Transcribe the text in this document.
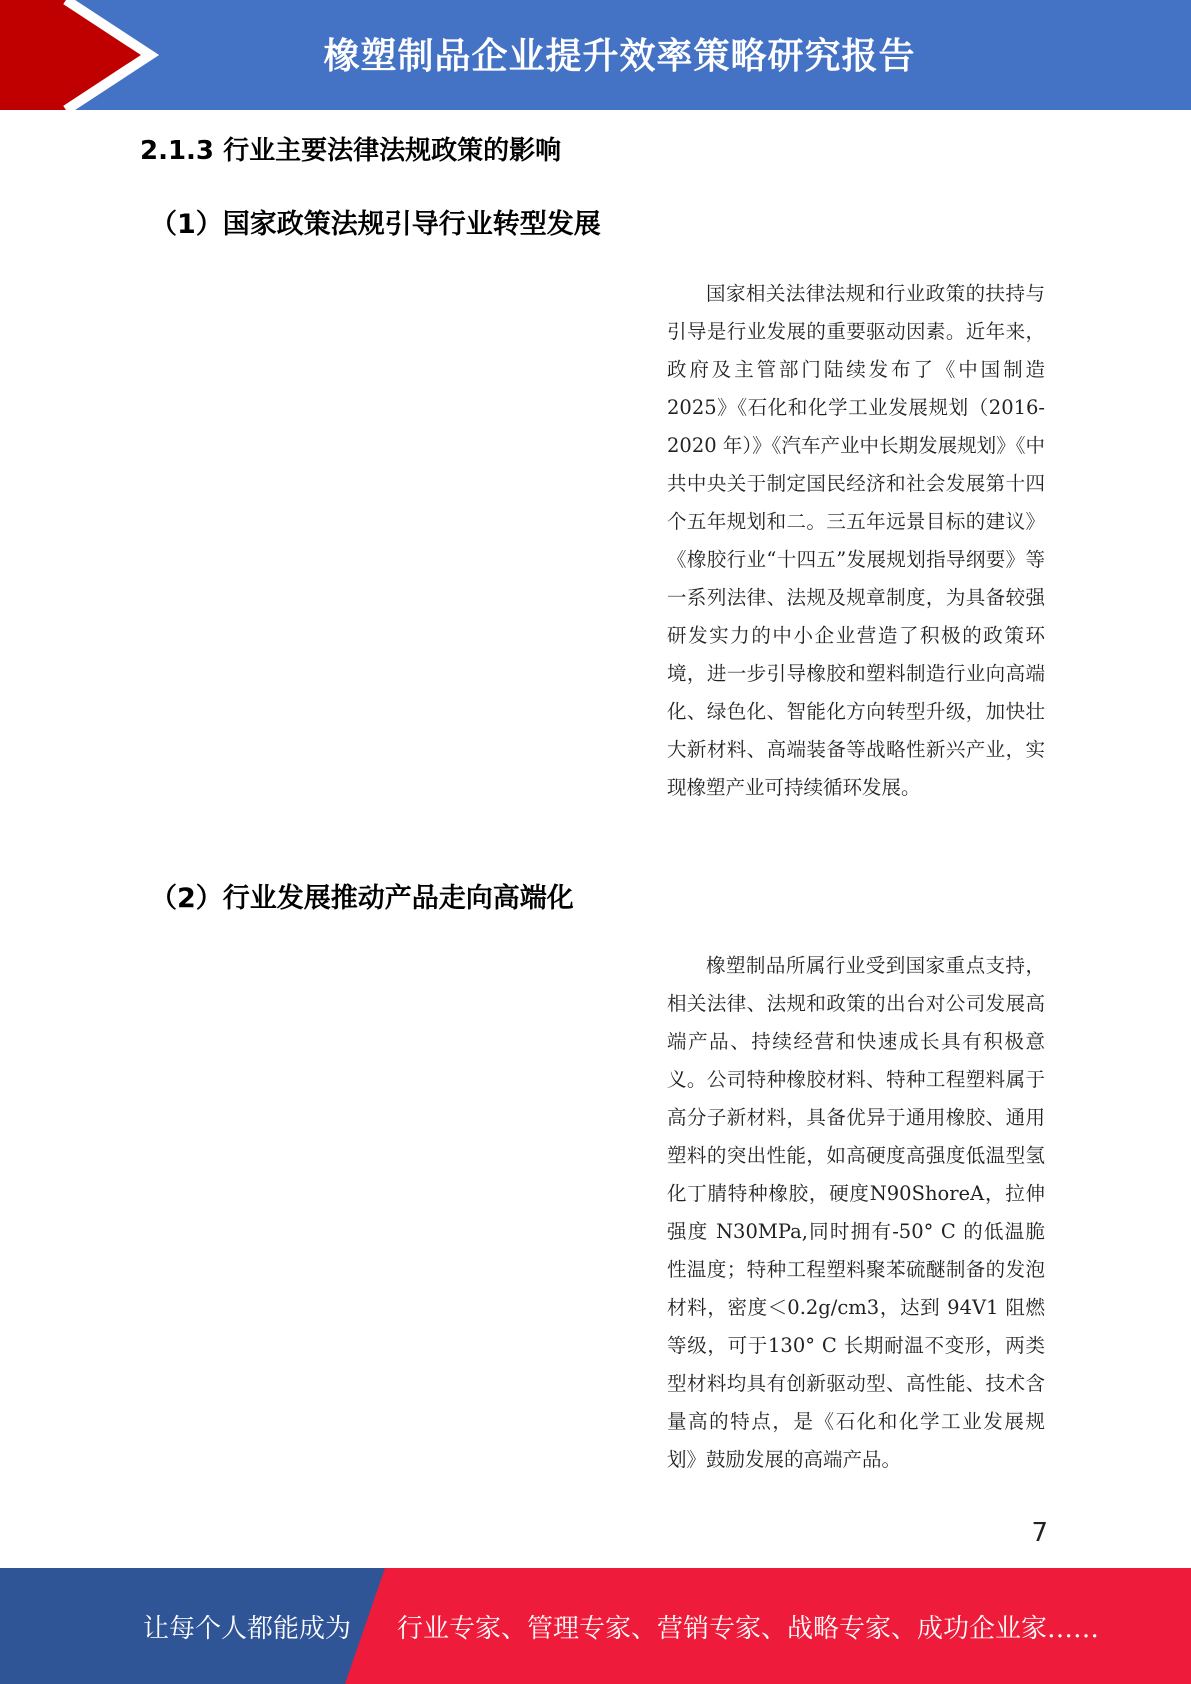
橡塑制品企业提升效率策略研究报告
2.1.3 行业主要法律法规政策的影响
（1）国家政策法规引导行业转型发展
国家相关法律法规和行业政策的扶持与引导是行业发展的重要驱动因素。近年来，政府及主管部门陆续发布了《中国制造 2025》《石化和化学工业发展规划（2016-2020 年）》《汽车产业中长期发展规划》《中共中央关于制定国民经济和社会发展第十四个五年规划和二。三五年远景目标的建议》《橡胶行业“十四五”发展规划指导纲要》等一系列法律、法规及规章制度，为具备较强研发实力的中小企业营造了积极的政策环境，进一步引导橡胶和塑料制造行业向高端化、绿色化、智能化方向转型升级，加快壮大新材料、高端装备等战略性新兴产业，实现橡塑产业可持续循环发展。
（2）行业发展推动产品走向高端化
橡塑制品所属行业受到国家重点支持，相关法律、法规和政策的出台对公司发展高端产品、持续经营和快速成长具有积极意义。公司特种橡胶材料、特种工程塑料属于高分子新材料，具备优异于通用橡胶、通用塑料的突出性能，如高硬度高强度低温型氢化丁腈特种橡胶，硬度N90ShoreA，拉伸强度 N30MPa,同时拥有-50° C 的低温脆性温度；特种工程塑料聚苯硫醚制备的发泡材料，密度＜0.2g/cm3，达到 94V1 阻燃等级，可于130° C 长期耐温不变形，两类型材料均具有创新驱动型、高性能、技术含量高的特点，是《石化和化学工业发展规划》鼓励发展的高端产品。
7
让每个人都能成为 行业专家、管理专家、营销专家、战略专家、成功企业家……
